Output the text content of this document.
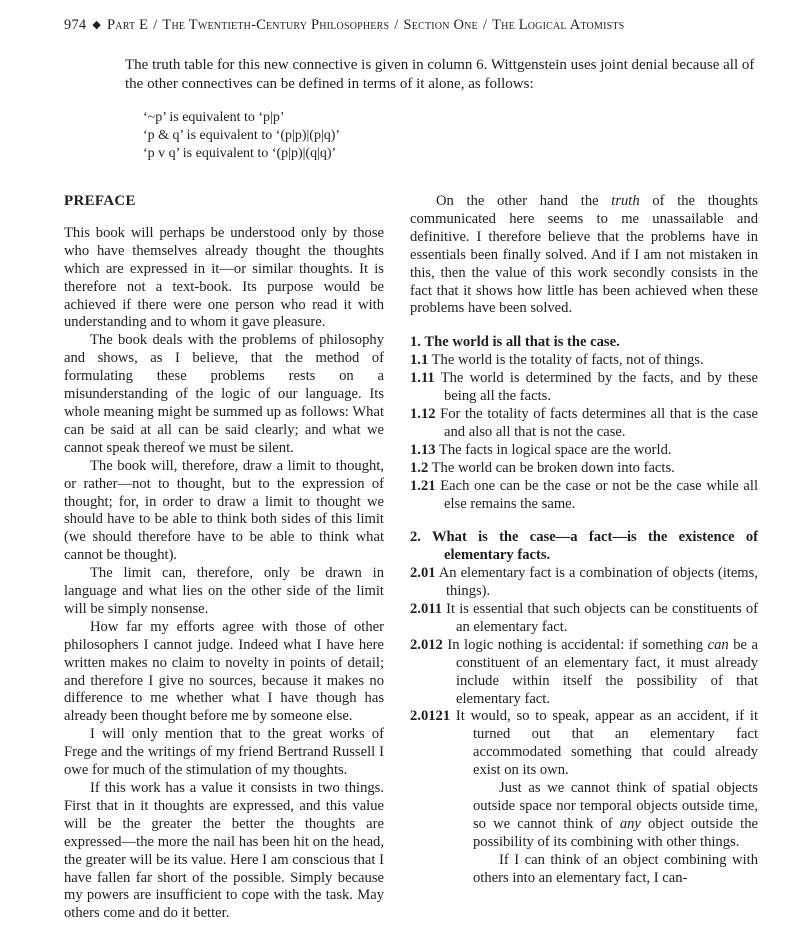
974 ◆ Part E / The Twentieth-Century Philosophers / Section One / The Logical Atomists

The truth table for this new connective is given in column 6. Wittgenstein uses joint denial because all of the other connectives can be defined in terms of it alone, as follows:

‘~p’ is equivalent to ‘p|p’
‘p & q’ is equivalent to ‘(p|p)|(p|q)’
‘p v q’ is equivalent to ‘(p|p)|(q|q)’
PREFACE

This book will perhaps be understood only by those who have themselves already thought the thoughts which are expressed in it—or similar thoughts. It is therefore not a text-book. Its purpose would be achieved if there were one person who read it with understanding and to whom it gave pleasure.

The book deals with the problems of philosophy and shows, as I believe, that the method of formulating these problems rests on a misunderstanding of the logic of our language. Its whole meaning might be summed up as follows: What can be said at all can be said clearly; and what we cannot speak thereof we must be silent.

The book will, therefore, draw a limit to thought, or rather—not to thought, but to the expression of thought; for, in order to draw a limit to thought we should have to be able to think both sides of this limit (we should therefore have to be able to think what cannot be thought).

The limit can, therefore, only be drawn in language and what lies on the other side of the limit will be simply nonsense.

How far my efforts agree with those of other philosophers I cannot judge. Indeed what I have here written makes no claim to novelty in points of detail; and therefore I give no sources, because it makes no difference to me whether what I have though has already been thought before me by someone else.

I will only mention that to the great works of Frege and the writings of my friend Bertrand Russell I owe for much of the stimulation of my thoughts.

If this work has a value it consists in two things. First that in it thoughts are expressed, and this value will be the greater the better the thoughts are expressed—the more the nail has been hit on the head, the greater will be its value. Here I am conscious that I have fallen far short of the possible. Simply because my powers are insufficient to cope with the task. May others come and do it better.

On the other hand the truth of the thoughts communicated here seems to me unassailable and definitive. I therefore believe that the problems have in essentials been finally solved. And if I am not mistaken in this, then the value of this work secondly consists in the fact that it shows how little has been achieved when these problems have been solved.

1. The world is all that is the case.
1.1 The world is the totality of facts, not of things.
1.11 The world is determined by the facts, and by these being all the facts.
1.12 For the totality of facts determines all that is the case and also all that is not the case.
1.13 The facts in logical space are the world.
1.2 The world can be broken down into facts.
1.21 Each one can be the case or not be the case while all else remains the same.
2. What is the case—a fact—is the existence of elementary facts.
2.01 An elementary fact is a combination of objects (items, things).
2.011 It is essential that such objects can be constituents of an elementary fact.
2.012 In logic nothing is accidental: if something can be a constituent of an elementary fact, it must already include within itself the possibility of that elementary fact.
2.0121 It would, so to speak, appear as an accident, if it turned out that an elementary fact accommodated something that could already exist on its own.

Just as we cannot think of spatial objects outside space nor temporal objects outside time, so we cannot think of any object outside the possibility of its combining with other things.

If I can think of an object combining with others into an elementary fact, I can-
